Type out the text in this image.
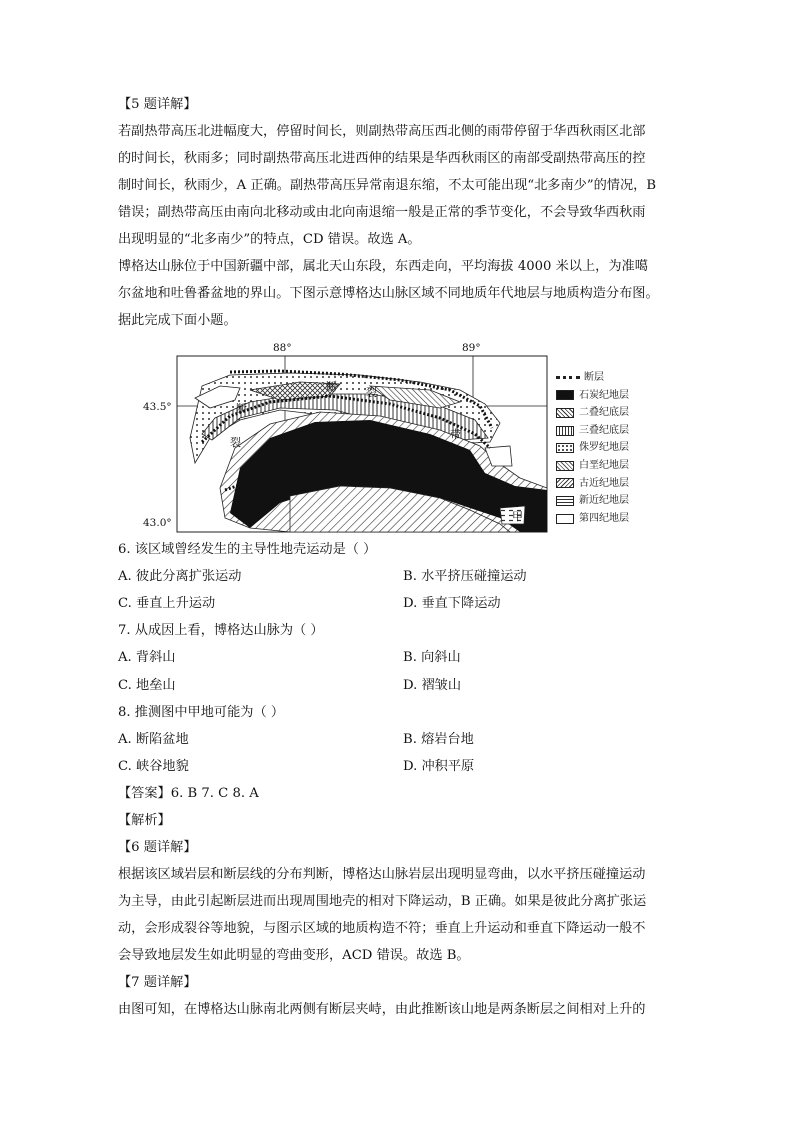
【5 题详解】
若副热带高压北进幅度大，停留时间长，则副热带高压西北侧的雨带停留于华西秋雨区北部
的时间长，秋雨多；同时副热带高压北进西伸的结果是华西秋雨区的南部受副热带高压的控
制时间长，秋雨少，A 正确。副热带高压异常南退东缩，不太可能出现“北多南少”的情况，B
错误；副热带高压由南向北移动或由北向南退缩一般是正常的季节变化，不会导致华西秋雨
出现明显的“北多南少”的特点，CD 错误。故选 A。
博格达山脉位于中国新疆中部，属北天山东段，东西走向，平均海拔 4000 米以上，为准噶
尔盆地和吐鲁番盆地的界山。下图示意博格达山脉区域不同地质年代地层与地质构造分布图。
据此完成下面小题。
断	裂
带
断
裂
甲
88°	89°
43.5°
43.0°
断层
石炭纪地层
二叠纪底层
三叠纪底层
侏罗纪地层
白垩纪地层
古近纪地层
新近纪地层
第四纪地层
6. 该区域曾经发生的主导性地壳运动是（ ）
A. 彼此分离扩张运动	B. 水平挤压碰撞运动
C. 垂直上升运动	D. 垂直下降运动
7. 从成因上看，博格达山脉为（ ）
A. 背斜山	B. 向斜山
C. 地垒山	D. 褶皱山
8. 推测图中甲地可能为（ ）
A. 断陷盆地	B. 熔岩台地
C. 峡谷地貌	D. 冲积平原
【答案】6. B 7. C 8. A
【解析】
【6 题详解】
根据该区域岩层和断层线的分布判断，博格达山脉岩层出现明显弯曲，以水平挤压碰撞运动
为主导，由此引起断层进而出现周围地壳的相对下降运动，B 正确。如果是彼此分离扩张运
动，会形成裂谷等地貌，与图示区域的地质构造不符；垂直上升运动和垂直下降运动一般不
会导致地层发生如此明显的弯曲变形，ACD 错误。故选 B。
【7 题详解】
由图可知，在博格达山脉南北两侧有断层夹峙，由此推断该山地是两条断层之间相对上升的
